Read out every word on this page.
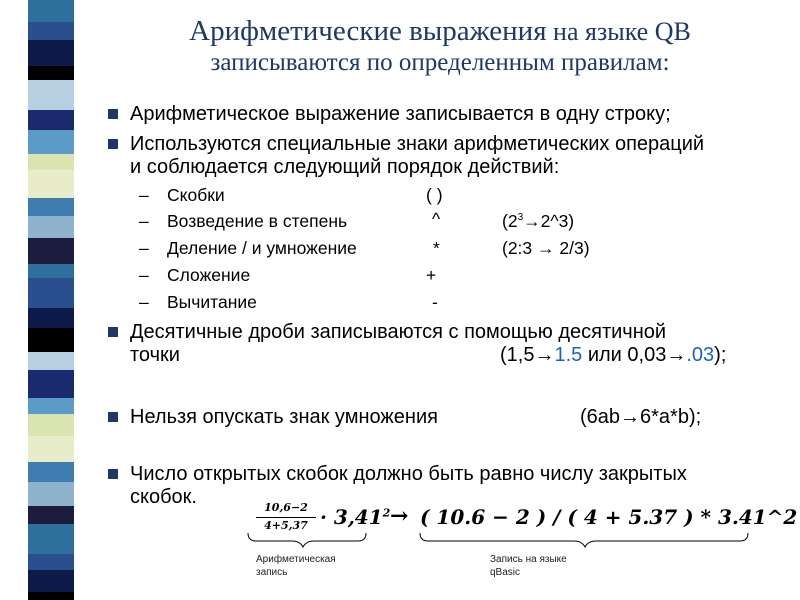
Арифметические выражения на языке QB
записываются по определенным правилам:
Арифметическое выражение записывается в одну строку;
Используются специальные знаки арифметических операций
и соблюдается следующий порядок действий:
– Скобки	( )
– Возведение в степень	^	$(2^3\to 2\^{}3)$
– Деление / и умножение	*	(2:3 → 2/3)
– Сложение	+
– Вычитание	-
Десятичные дроби записываются с помощью десятичной
точки	(1,5→1.5 или 0,03→.03);
Нельзя опускать знак умножения	(6ab→6*a*b);
Число открытых скобок должно быть равно числу закрытых
скобок.	10,6−2
$4+5,37 \cdot 3,41^2$ → ( 10.6 − 2 ) / ( 4 + 5.37 ) * 3.41^2
Арифметическая
запись
Запись на языке
qBasic
